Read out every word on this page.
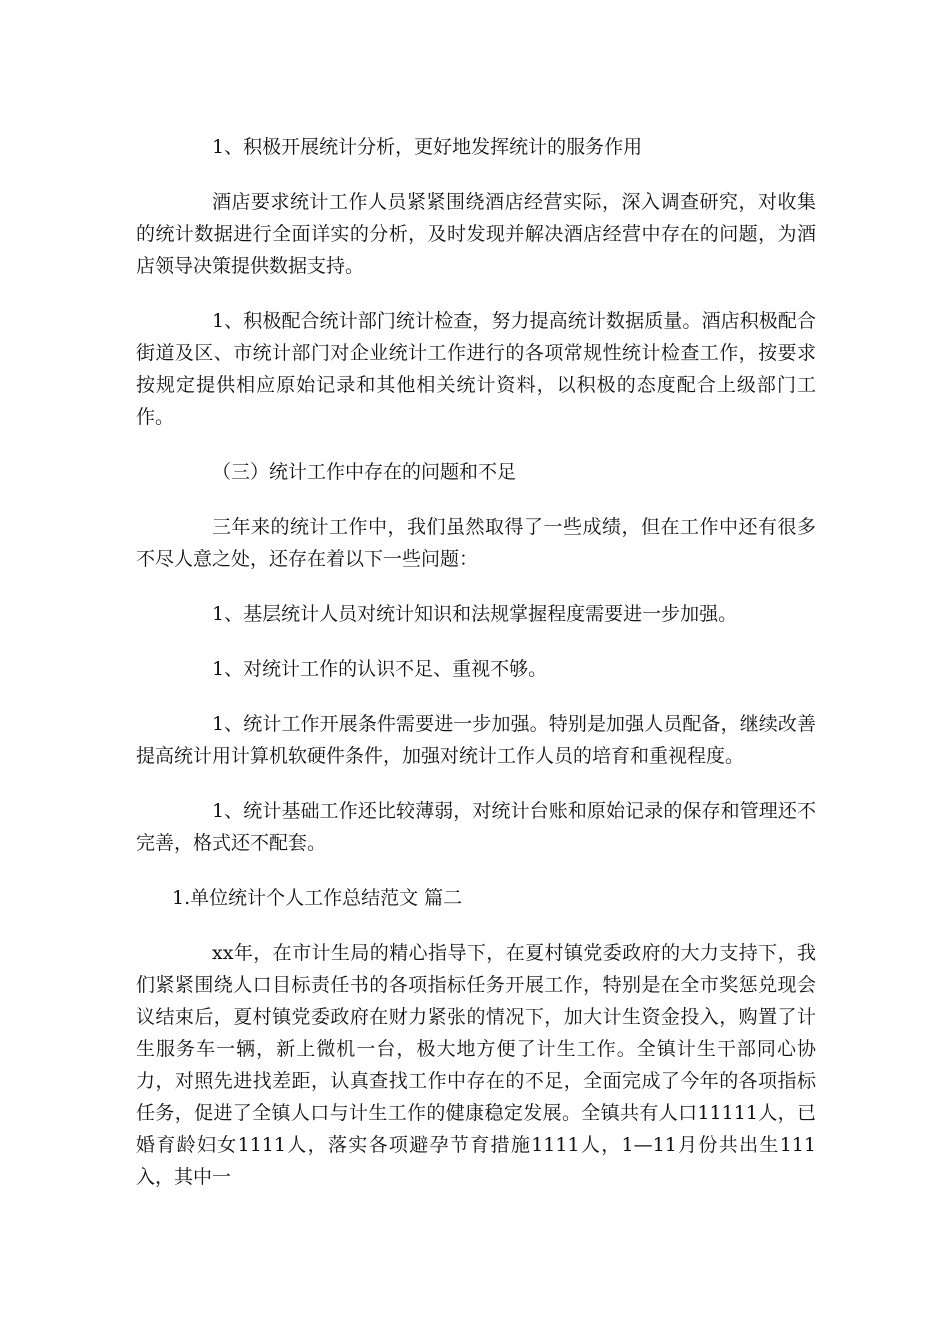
1、积极开展统计分析，更好地发挥统计的服务作用

酒店要求统计工作人员紧紧围绕酒店经营实际，深入调查研究，对收集的统计数据进行全面详实的分析，及时发现并解决酒店经营中存在的问题，为酒店领导决策提供数据支持。

1、积极配合统计部门统计检查，努力提高统计数据质量。酒店积极配合街道及区、市统计部门对企业统计工作进行的各项常规性统计检查工作，按要求按规定提供相应原始记录和其他相关统计资料，以积极的态度配合上级部门工作。

（三）统计工作中存在的问题和不足

三年来的统计工作中，我们虽然取得了一些成绩，但在工作中还有很多不尽人意之处，还存在着以下一些问题：

1、基层统计人员对统计知识和法规掌握程度需要进一步加强。

1、对统计工作的认识不足、重视不够。

1、统计工作开展条件需要进一步加强。特别是加强人员配备，继续改善提高统计用计算机软硬件条件，加强对统计工作人员的培育和重视程度。

1、统计基础工作还比较薄弱，对统计台账和原始记录的保存和管理还不完善，格式还不配套。

1.单位统计个人工作总结范文 篇二

xx年，在市计生局的精心指导下，在夏村镇党委政府的大力支持下，我们紧紧围绕人口目标责任书的各项指标任务开展工作，特别是在全市奖惩兑现会议结束后，夏村镇党委政府在财力紧张的情况下，加大计生资金投入，购置了计生服务车一辆，新上微机一台，极大地方便了计生工作。全镇计生干部同心协力，对照先进找差距，认真查找工作中存在的不足，全面完成了今年的各项指标任务，促进了全镇人口与计生工作的健康稳定发展。全镇共有人口11111人，已婚育龄妇女1111人，落实各项避孕节育措施1111人，1—11月份共出生111入，其中一
